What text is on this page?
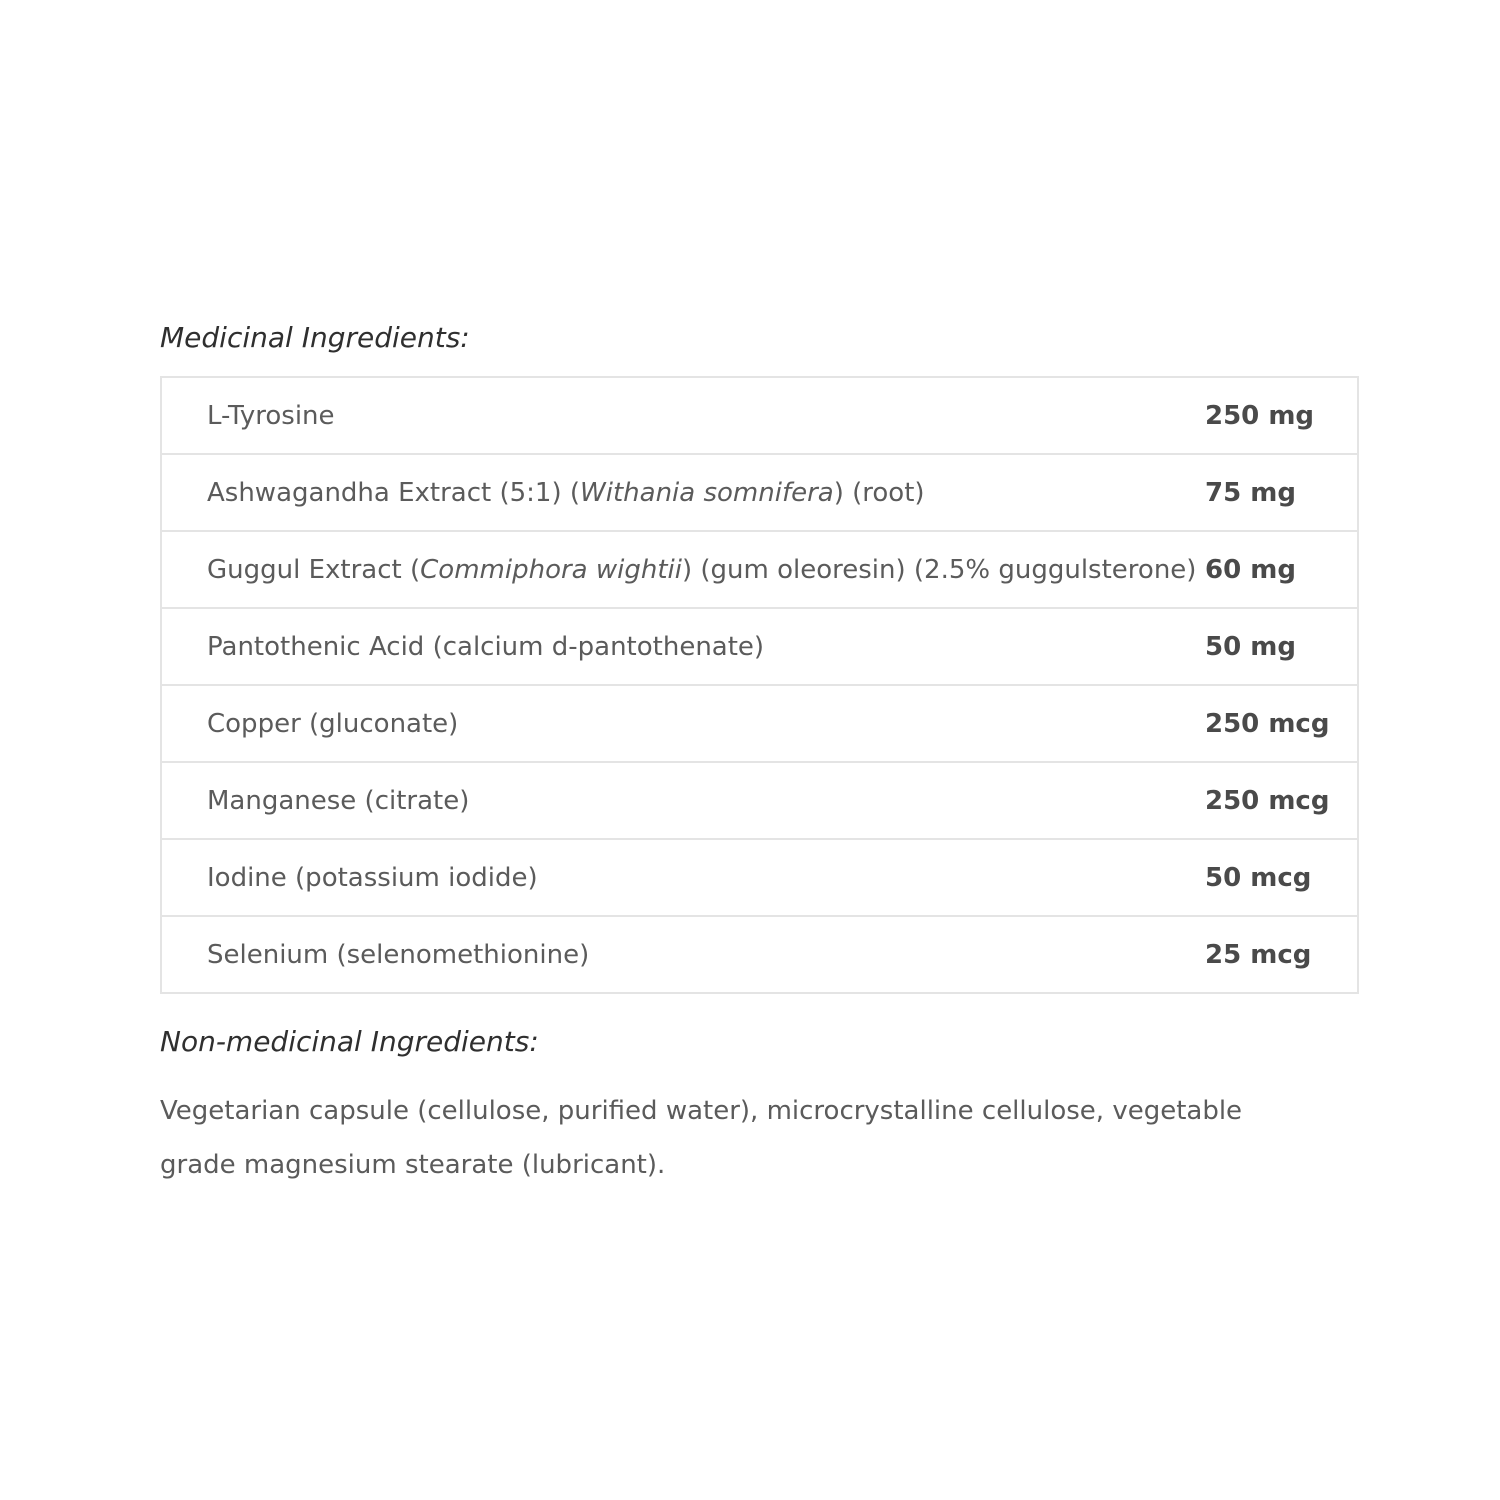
Medicinal Ingredients:
L-Tyrosine	250 mg

Ashwagandha Extract (5:1) (Withania somnifera) (root)	75 mg

Guggul Extract (Commiphora wightii) (gum oleoresin) (2.5% guggulsterone)	60 mg

Pantothenic Acid (calcium d-pantothenate)	50 mg

Copper (gluconate)	250 mcg

Manganese (citrate)	250 mcg

Iodine (potassium iodide)	50 mcg

Selenium (selenomethionine)	25 mcg
Non-medicinal Ingredients:

Vegetarian capsule (cellulose, purified water), microcrystalline cellulose, vegetable grade magnesium stearate (lubricant).
